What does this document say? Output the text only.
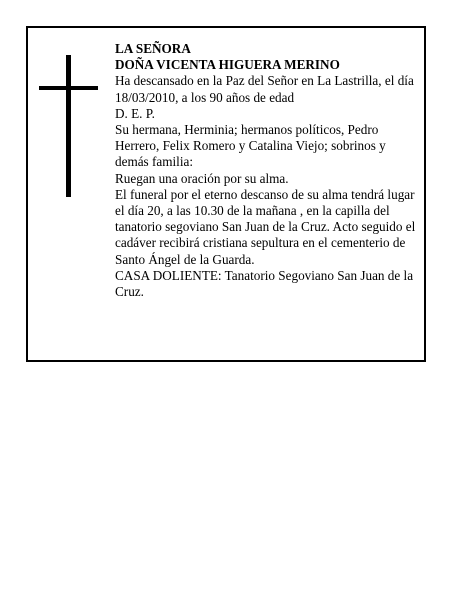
LA SEÑORA

DOÑA VICENTA HIGUERA MERINO

Ha descansado en la Paz del Señor en La Lastrilla, el día 18/03/2010, a los 90 años de edad

D. E. P.

Su hermana, Herminia; hermanos políticos, Pedro Herrero, Felix Romero y Catalina Viejo; sobrinos y demás familia:

Ruegan una oración por su alma.

El funeral por el eterno descanso de su alma tendrá lugar el día 20, a las 10.30 de la mañana , en la capilla del tanatorio segoviano San Juan de la Cruz. Acto seguido el cadáver recibirá cristiana sepultura en el cementerio de Santo Ángel de la Guarda.

CASA DOLIENTE: Tanatorio Segoviano San Juan de la Cruz.
